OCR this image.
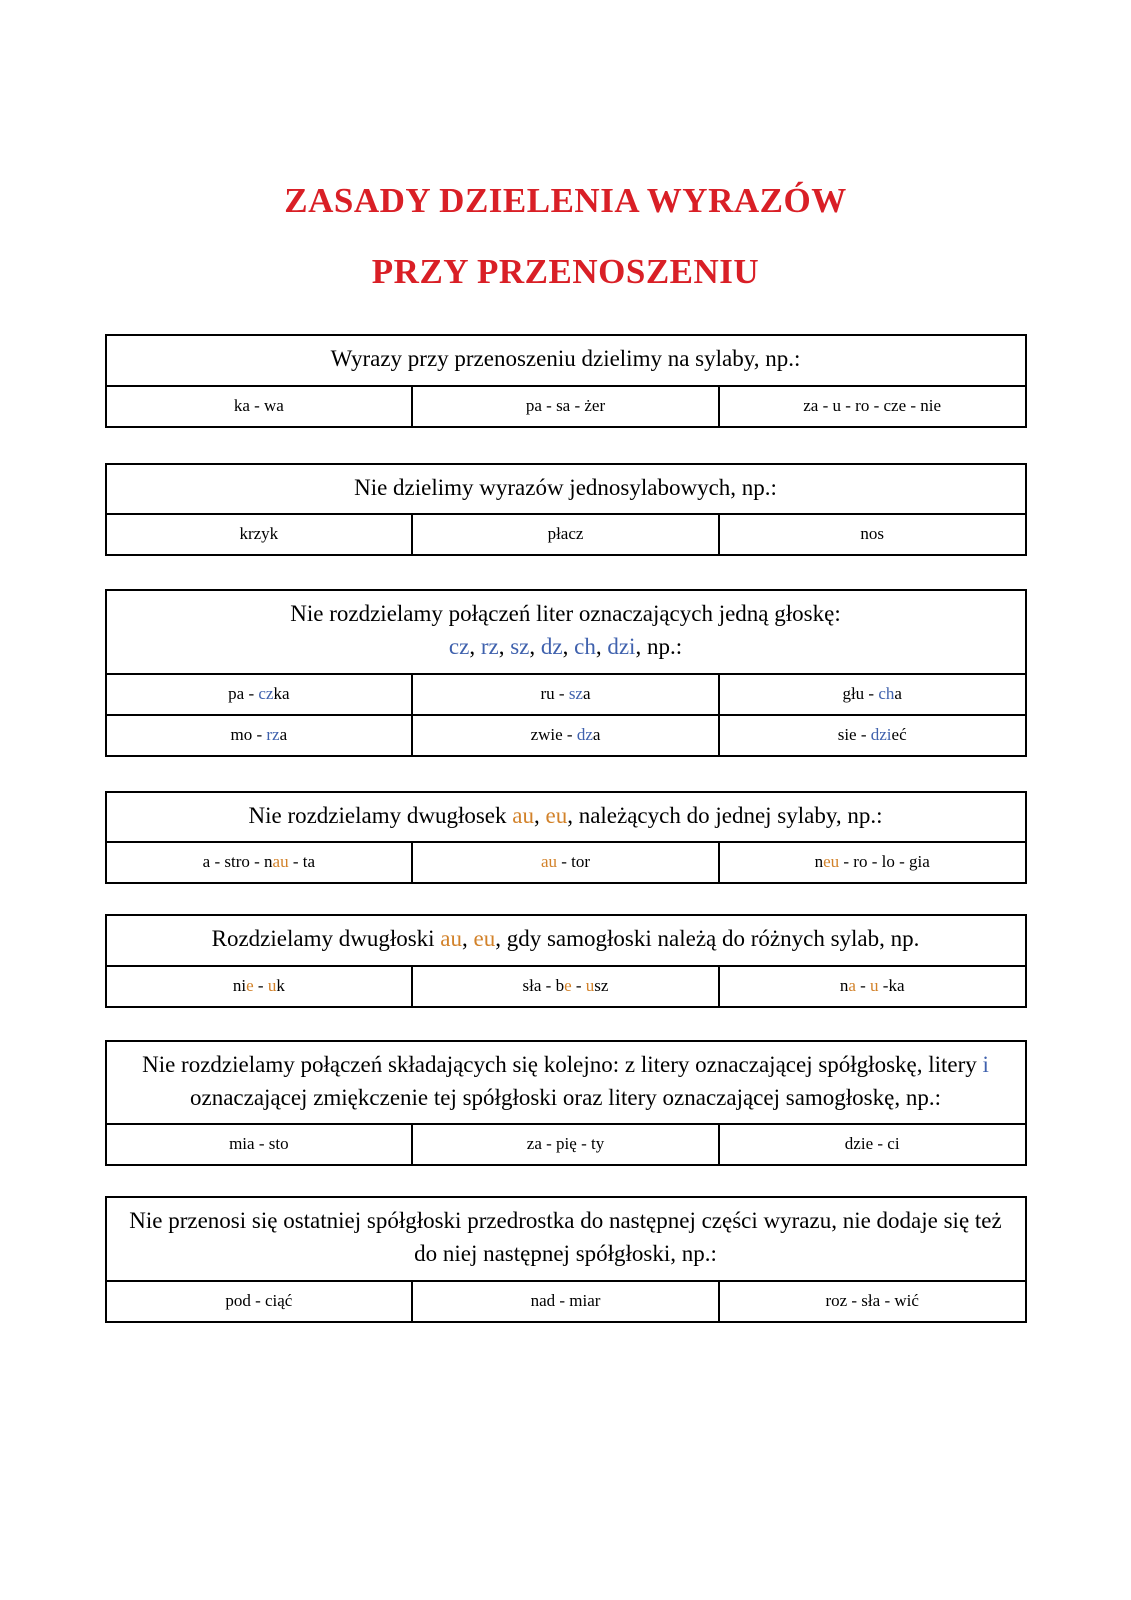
ZASADY DZIELENIA WYRAZÓW
PRZY PRZENOSZENIU
Wyrazy przy przenoszeniu dzielimy na sylaby, np.:
ka - wa	pa - sa - żer	za - u - ro - cze - nie
Nie dzielimy wyrazów jednosylabowych, np.:
krzyk	płacz	nos
Nie rozdzielamy połączeń liter oznaczających jedną głoskę:
cz, rz, sz, dz, ch, dzi, np.:
pa - czka	ru - sza	głu - cha
mo - rza	zwie - dza	sie - dzieć
Nie rozdzielamy dwugłosek au, eu, należących do jednej sylaby, np.:
a - stro - nau - ta	au - tor	neu - ro - lo - gia
Rozdzielamy dwugłoski au, eu, gdy samogłoski należą do różnych sylab, np.
nie - uk	sła - be - usz	na - u -ka
Nie rozdzielamy połączeń składających się kolejno: z litery oznaczającej spółgłoskę, litery i oznaczającej zmiękczenie tej spółgłoski oraz litery oznaczającej samogłoskę, np.:
mia - sto	za - pię - ty	dzie - ci
Nie przenosi się ostatniej spółgłoski przedrostka do następnej części wyrazu, nie dodaje się też do niej następnej spółgłoski, np.:
pod - ciąć	nad - miar	roz - sła - wić
